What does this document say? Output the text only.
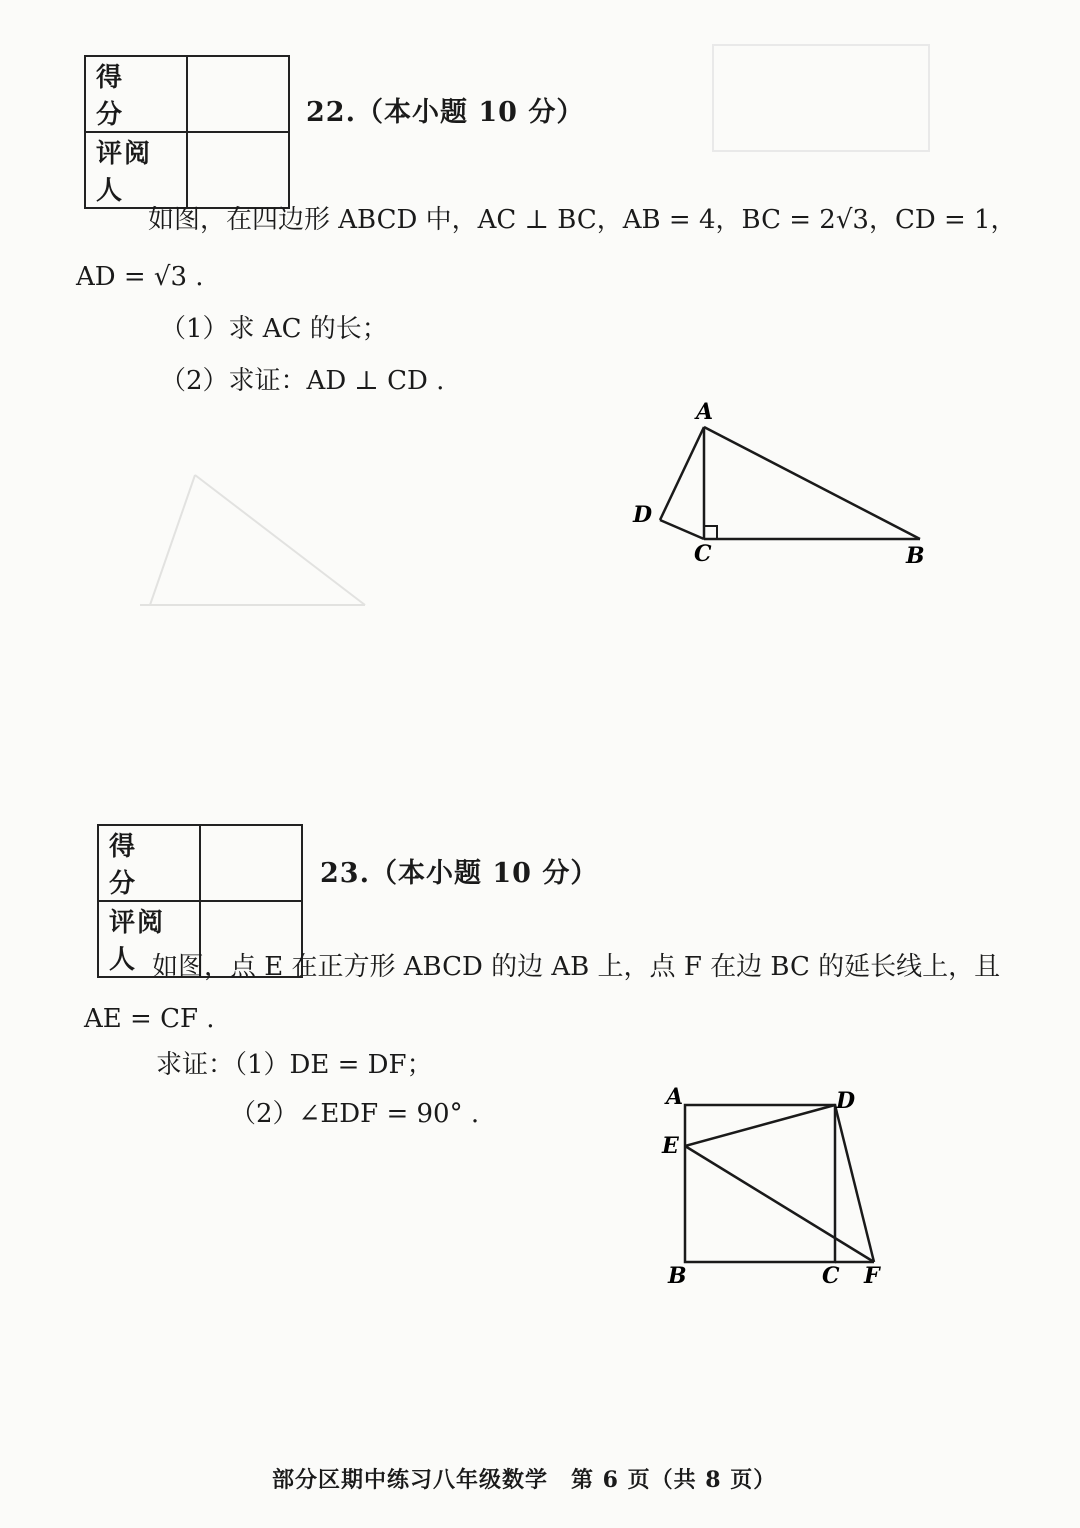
得　分	
评阅人	
22.（本小题 10 分）
如图，在四边形 ABCD 中，AC ⊥ BC，AB = 4，BC = 2√3，CD = 1，
AD = √3 .
（1）求 AC 的长；
（2）求证：AD ⊥ CD .
A
D
C	B
得　分	
评阅人	
23.（本小题 10 分）
如图，点 E 在正方形 ABCD 的边 AB 上，点 F 在边 BC 的延长线上，且
AE = CF .
求证：（1）DE = DF；
（2）∠EDF = 90° .
A	D
E
B	C F
部分区期中练习八年级数学　第 6 页（共 8 页）
